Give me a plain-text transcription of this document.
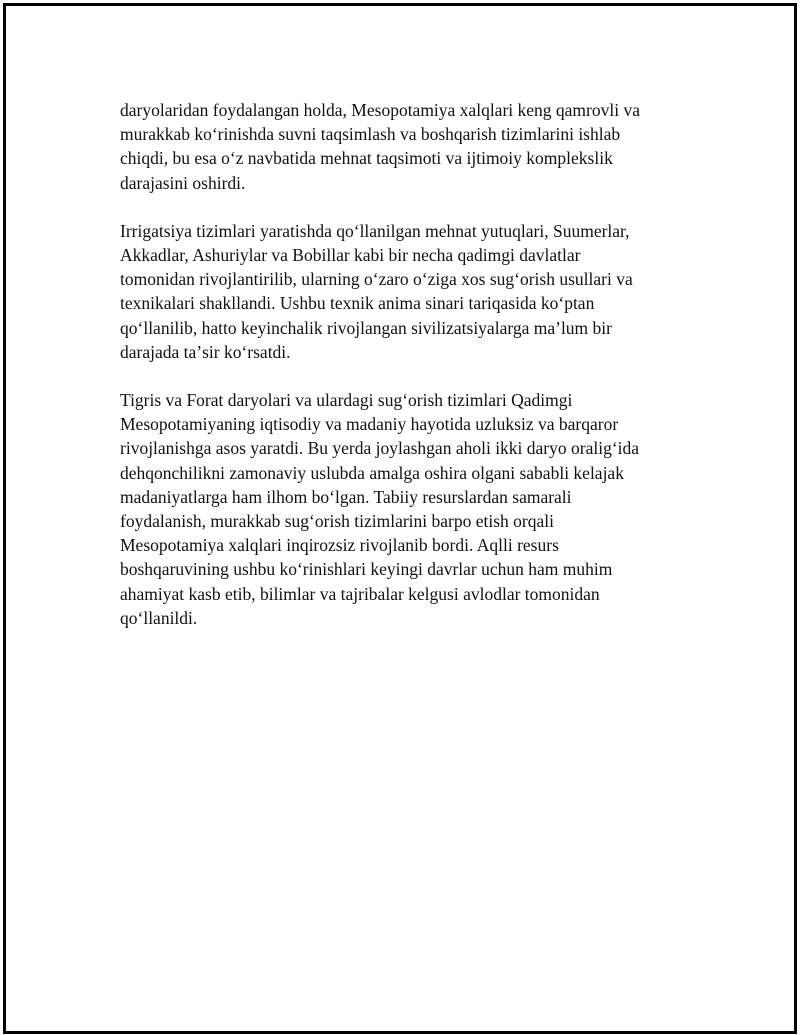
daryolaridan foydalangan holda, Mesopotamiya xalqlari keng qamrovli va
murakkab koʻrinishda suvni taqsimlash va boshqarish tizimlarini ishlab
chiqdi, bu esa oʻz navbatida mehnat taqsimoti va ijtimoiy komplekslik
darajasini oshirdi.

Irrigatsiya tizimlari yaratishda qoʻllanilgan mehnat yutuqlari, Suumerlar,
Akkadlar, Ashuriylar va Bobillar kabi bir necha qadimgi davlatlar
tomonidan rivojlantirilib, ularning oʻzaro oʻziga xos sugʻorish usullari va
texnikalari shakllandi. Ushbu texnik anima sinari tariqasida koʻptan
qoʻllanilib, hatto keyinchalik rivojlangan sivilizatsiyalarga maʼlum bir
darajada taʼsir koʻrsatdi.

Tigris va Forat daryolari va ulardagi sugʻorish tizimlari Qadimgi
Mesopotamiyaning iqtisodiy va madaniy hayotida uzluksiz va barqaror
rivojlanishga asos yaratdi. Bu yerda joylashgan aholi ikki daryo oraligʻida
dehqonchilikni zamonaviy uslubda amalga oshira olgani sababli kelajak
madaniyatlarga ham ilhom boʻlgan. Tabiiy resurslardan samarali
foydalanish, murakkab sugʻorish tizimlarini barpo etish orqali
Mesopotamiya xalqlari inqirozsiz rivojlanib bordi. Aqlli resurs
boshqaruvining ushbu koʻrinishlari keyingi davrlar uchun ham muhim
ahamiyat kasb etib, bilimlar va tajribalar kelgusi avlodlar tomonidan
qoʻllanildi.
